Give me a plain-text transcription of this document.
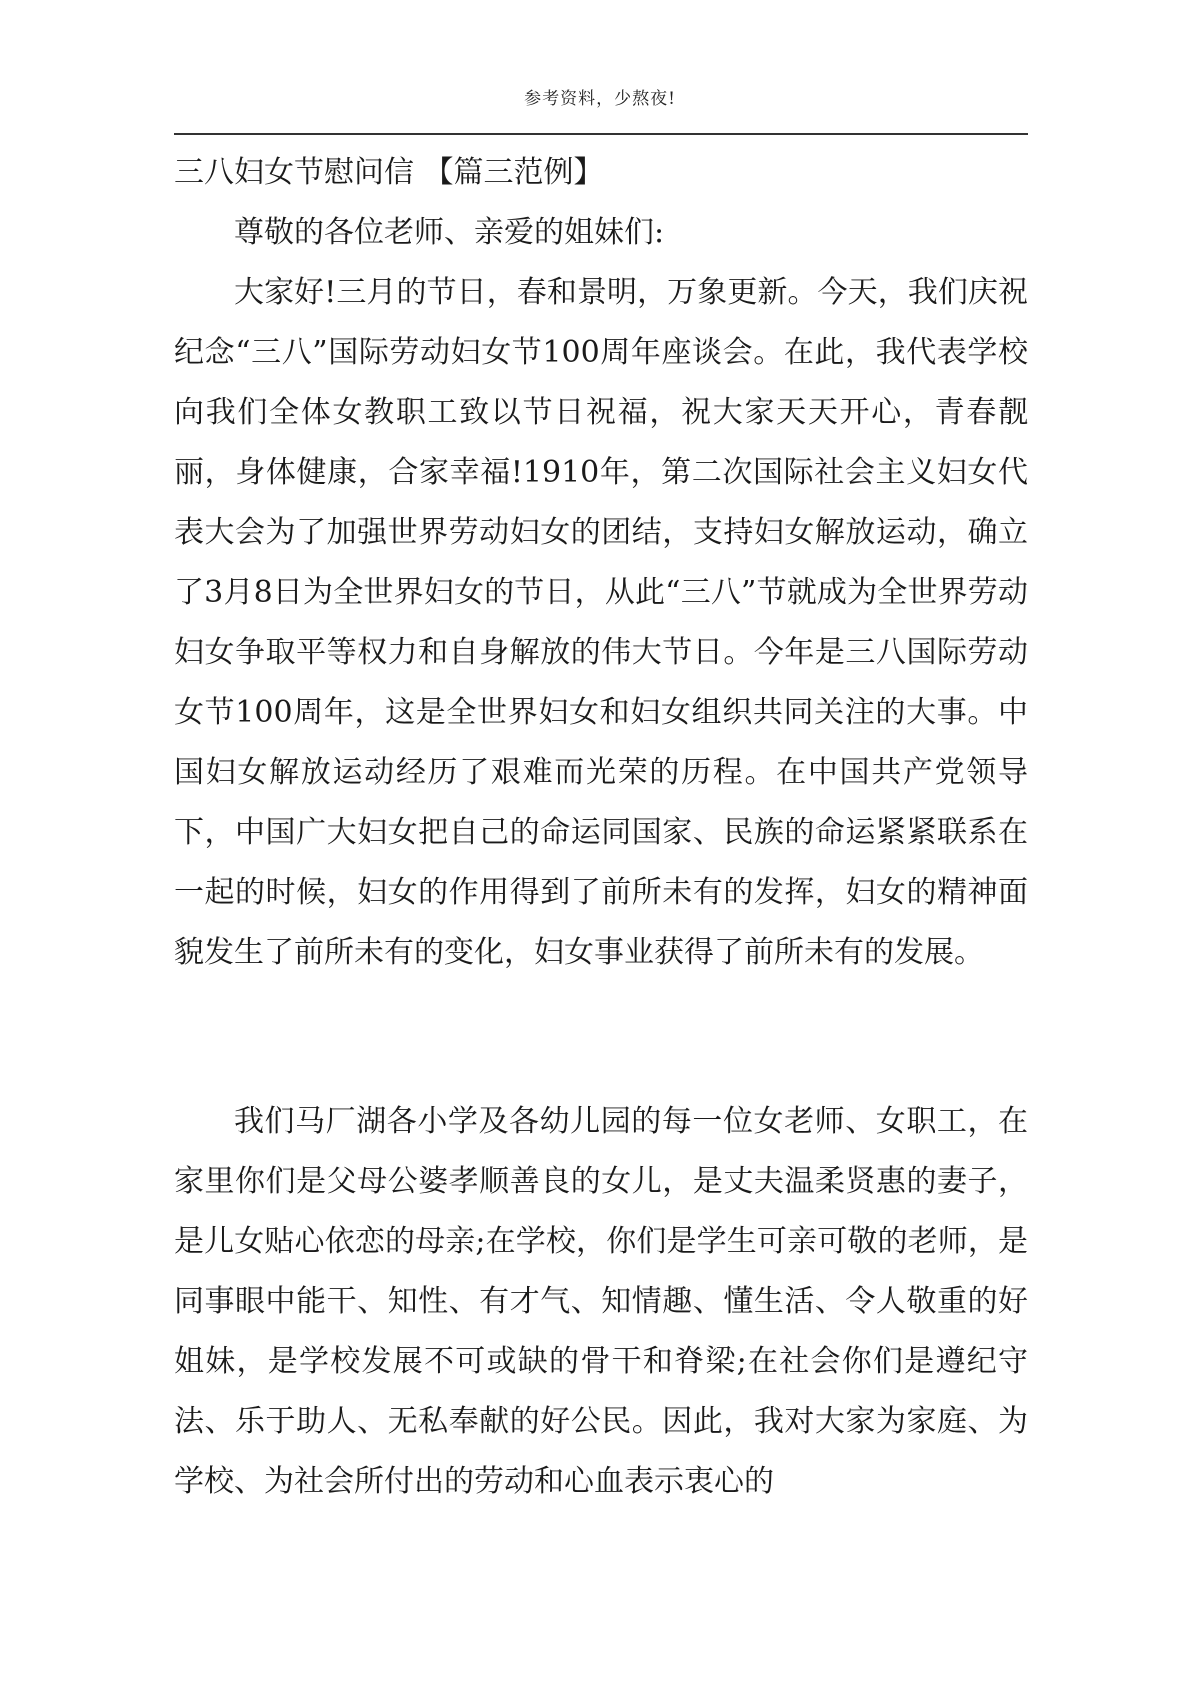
参考资料，少熬夜!
三八妇女节慰问信 【篇三范例】

尊敬的各位老师、亲爱的姐妹们:

大家好!三月的节日，春和景明，万象更新。今天，我们庆祝纪念“三八”国际劳动妇女节100周年座谈会。在此，我代表学校向我们全体女教职工致以节日祝福，祝大家天天开心，青春靓丽，身体健康，合家幸福!1910年，第二次国际社会主义妇女代表大会为了加强世界劳动妇女的团结，支持妇女解放运动，确立了3月8日为全世界妇女的节日，从此“三八”节就成为全世界劳动妇女争取平等权力和自身解放的伟大节日。今年是三八国际劳动女节100周年，这是全世界妇女和妇女组织共同关注的大事。中国妇女解放运动经历了艰难而光荣的历程。在中国共产党领导下，中国广大妇女把自己的命运同国家、民族的命运紧紧联系在一起的时候，妇女的作用得到了前所未有的发挥，妇女的精神面貌发生了前所未有的变化，妇女事业获得了前所未有的发展。

我们马厂湖各小学及各幼儿园的每一位女老师、女职工，在家里你们是父母公婆孝顺善良的女儿，是丈夫温柔贤惠的妻子，是儿女贴心依恋的母亲;在学校，你们是学生可亲可敬的老师，是同事眼中能干、知性、有才气、知情趣、懂生活、令人敬重的好姐妹，是学校发展不可或缺的骨干和脊梁;在社会你们是遵纪守法、乐于助人、无私奉献的好公民。因此，我对大家为家庭、为学校、为社会所付出的劳动和心血表示衷心的
